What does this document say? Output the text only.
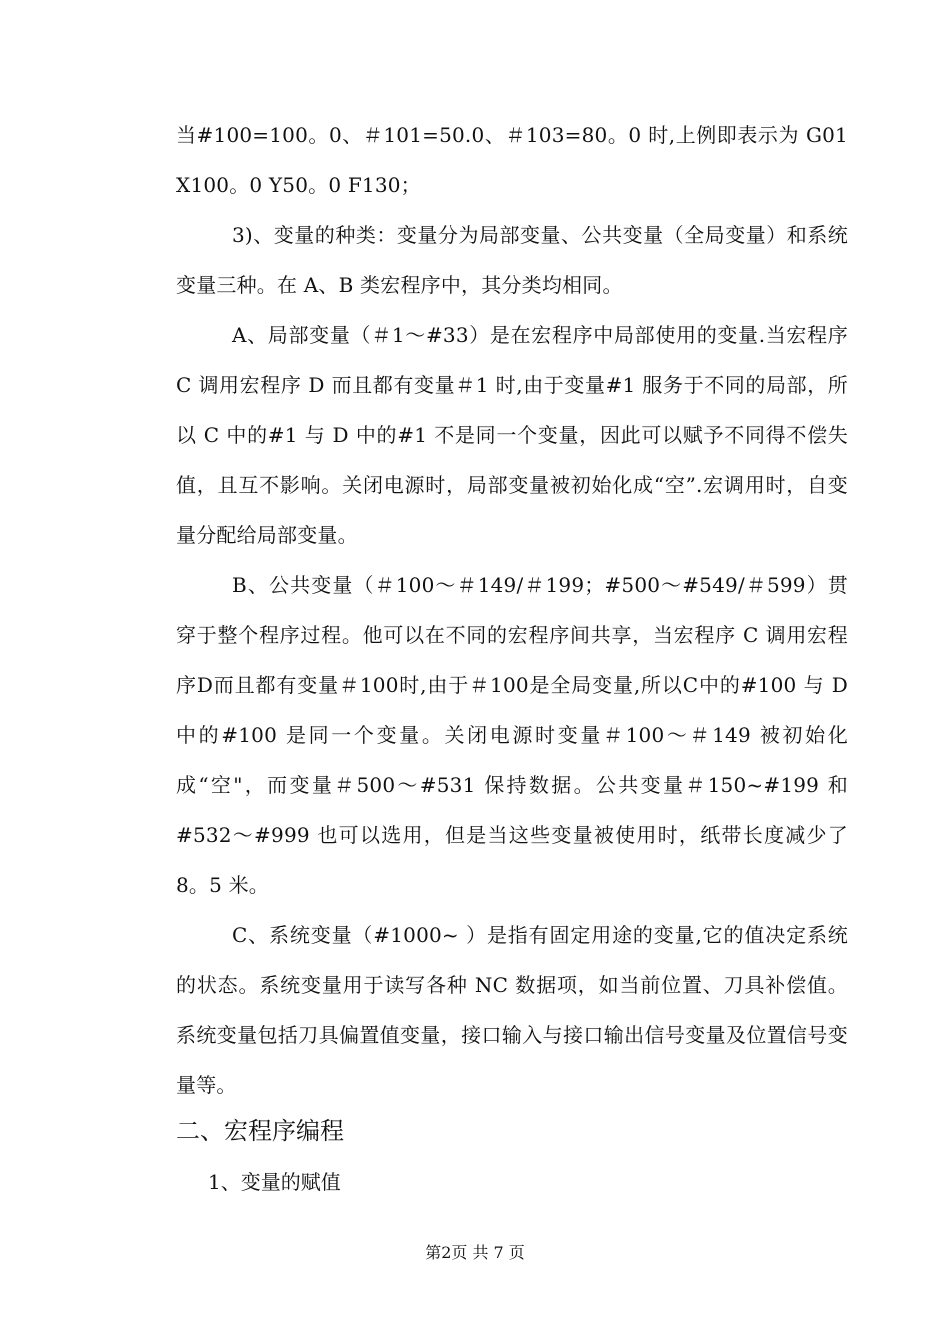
当#100=100。0、＃101=50.0、＃103=80。0 时,上例即表示为 G01 X100。0 Y50。0 F130；

3)、变量的种类：变量分为局部变量、公共变量（全局变量）和系统变量三种。在 A、B 类宏程序中，其分类均相同。

A、局部变量（＃1～#33）是在宏程序中局部使用的变量.当宏程序 C 调用宏程序 D 而且都有变量＃1 时,由于变量#1 服务于不同的局部，所以 C 中的#1 与 D 中的#1 不是同一个变量，因此可以赋予不同得不偿失值，且互不影响。关闭电源时，局部变量被初始化成“空”.宏调用时，自变量分配给局部变量。

B、公共变量（＃100～＃149/＃199；#500～#549/＃599）贯穿于整个程序过程。他可以在不同的宏程序间共享，当宏程序 C 调用宏程序D而且都有变量＃100时,由于＃100是全局变量,所以C中的#100 与 D 中的#100 是同一个变量。关闭电源时变量＃100～＃149 被初始化成“空"，而变量＃500～#531 保持数据。公共变量＃150~#199 和#532～#999 也可以选用，但是当这些变量被使用时，纸带长度减少了 8。5 米。

C、系统变量（#1000~ ）是指有固定用途的变量,它的值决定系统的状态。系统变量用于读写各种 NC 数据项，如当前位置、刀具补偿值。系统变量包括刀具偏置值变量，接口输入与接口输出信号变量及位置信号变量等。

二、宏程序编程
1、变量的赋值
第2页 共 7 页
